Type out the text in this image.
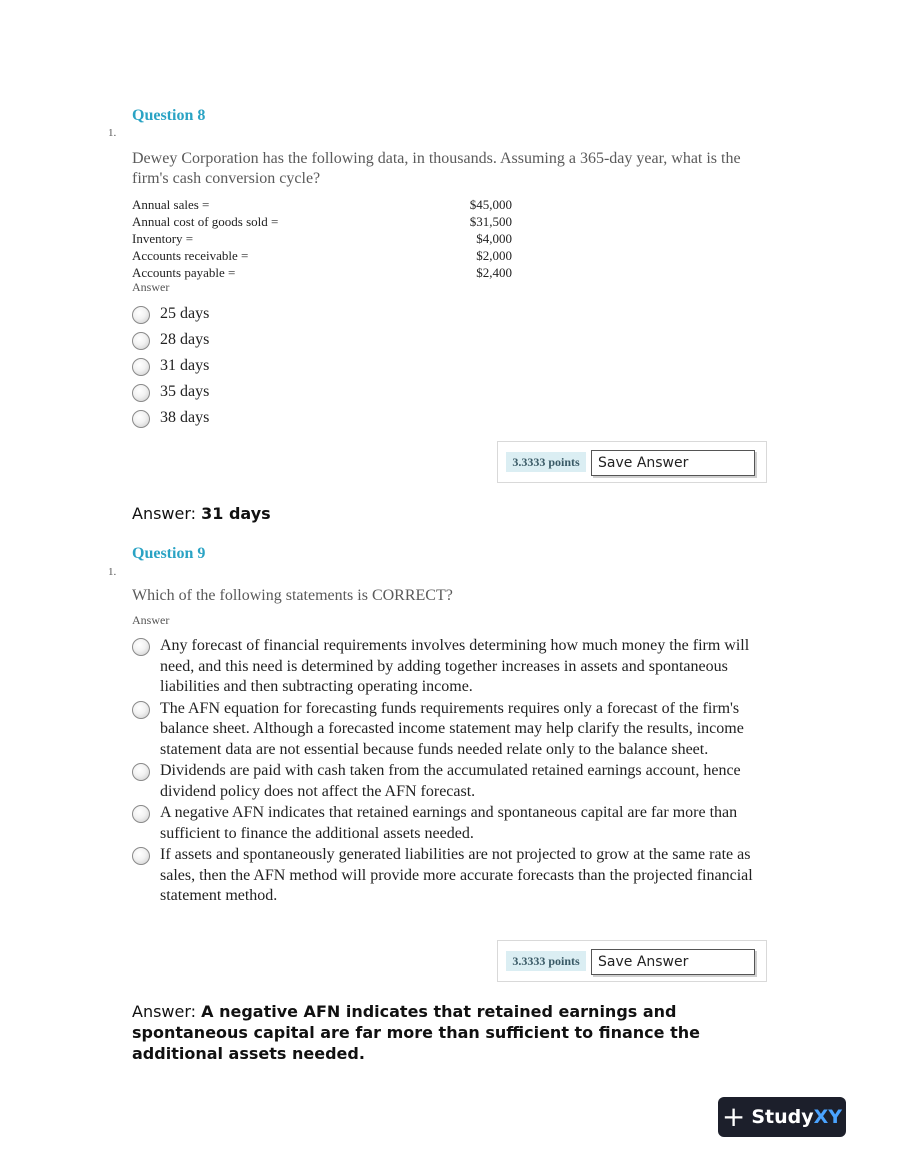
Question 8
1.
Dewey Corporation has the following data, in thousands. Assuming a 365-day year, what is the firm's cash conversion cycle?
Annual sales =	$45,000
Annual cost of goods sold =	$31,500
Inventory =	$4,000
Accounts receivable =	$2,000
Accounts payable =	$2,400
Answer
25 days
28 days
31 days
35 days
38 days
3.3333 points	Save Answer
Answer: 31 days
Question 9
1.
Which of the following statements is CORRECT?
Answer
Any forecast of financial requirements involves determining how much money the firm will need, and this need is determined by adding together increases in assets and spontaneous liabilities and then subtracting operating income.
The AFN equation for forecasting funds requirements requires only a forecast of the firm's balance sheet. Although a forecasted income statement may help clarify the results, income statement data are not essential because funds needed relate only to the balance sheet.
Dividends are paid with cash taken from the accumulated retained earnings account, hence dividend policy does not affect the AFN forecast.
A negative AFN indicates that retained earnings and spontaneous capital are far more than sufficient to finance the additional assets needed.
If assets and spontaneously generated liabilities are not projected to grow at the same rate as sales, then the AFN method will provide more accurate forecasts than the projected financial statement method.
3.3333 points	Save Answer
Answer: A negative AFN indicates that retained earnings and spontaneous capital are far more than sufficient to finance the additional assets needed.
+ Study XY
